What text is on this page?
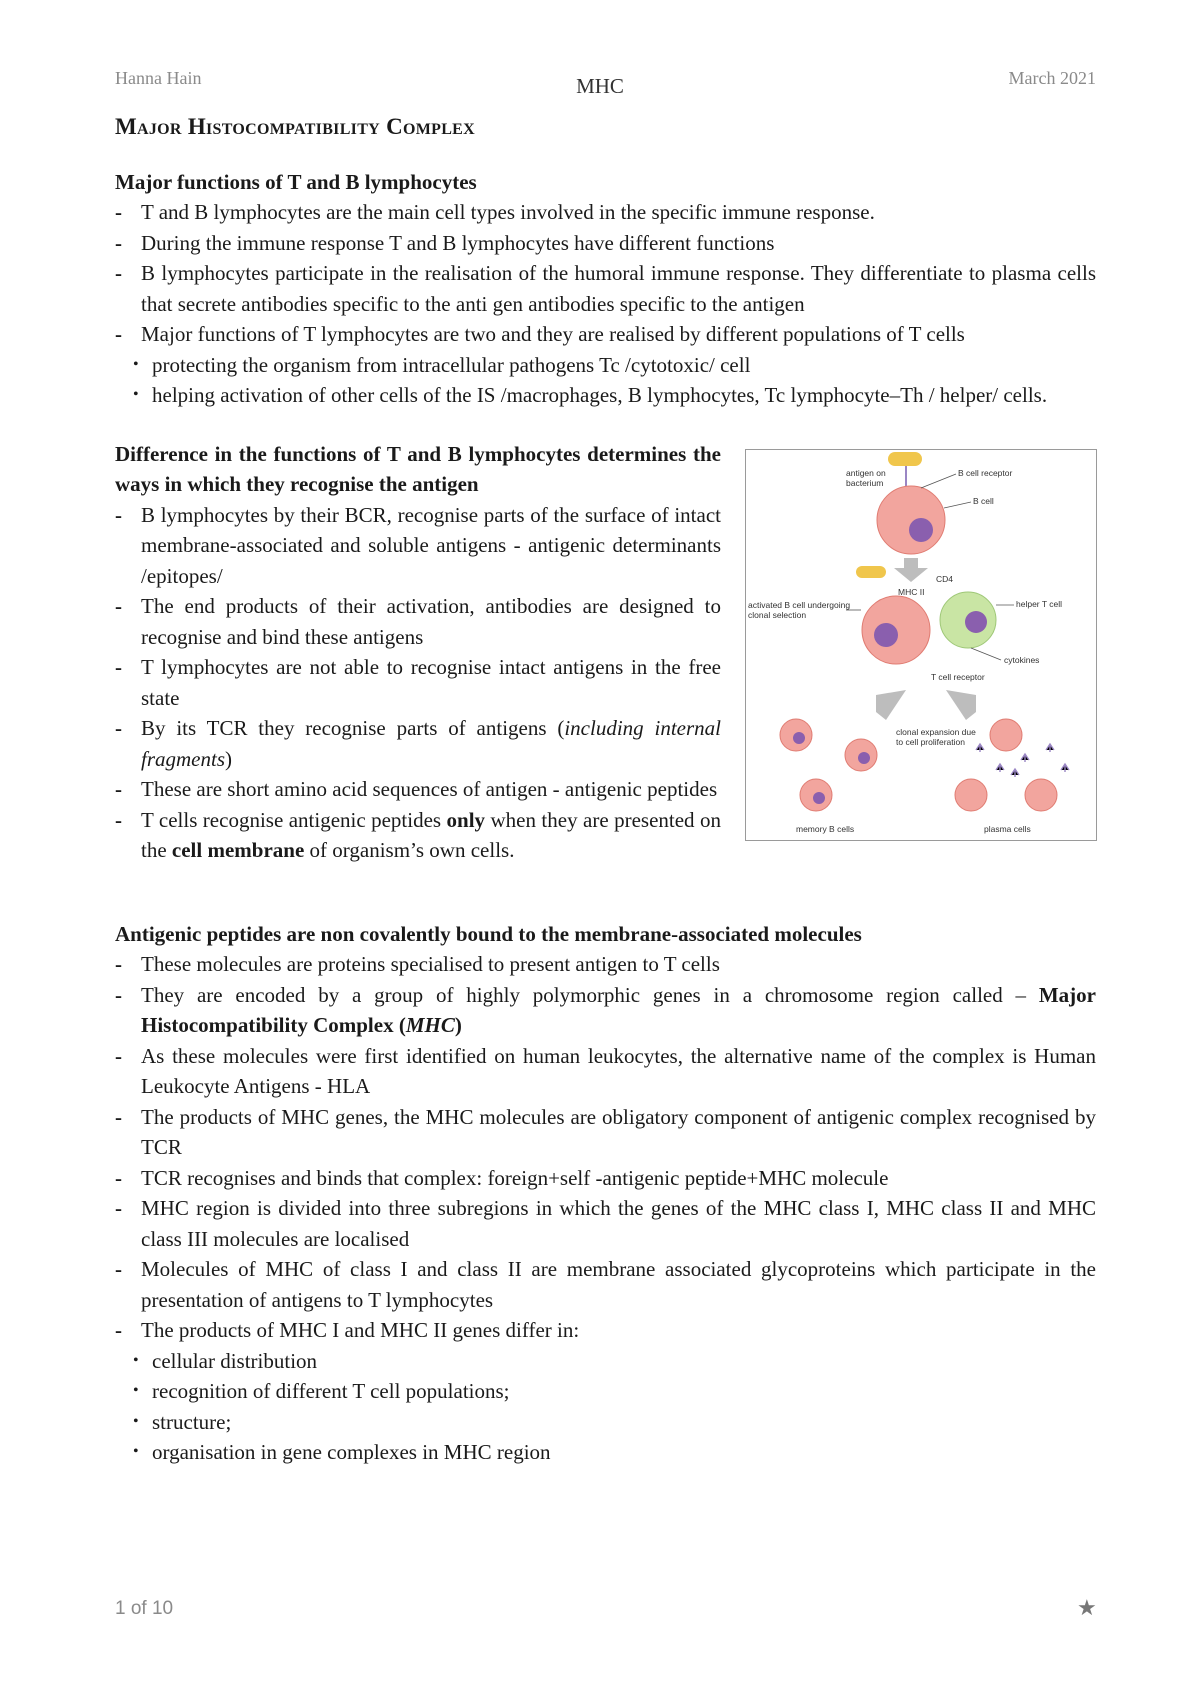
Hanna Hain	MHC	March 2021
Major Histocompatibility Complex

Major functions of T and B lymphocytes

- T and B lymphocytes are the main cell types involved in the specific immune response.
- During the immune response T and B lymphocytes have different functions
- B lymphocytes participate in the realisation of the humoral immune response. They differentiate to plasma cells that secrete antibodies specific to the anti gen antibodies specific to the antigen
- Major functions of T lymphocytes are two and they are realised by different populations of T cells
• protecting the organism from intracellular pathogens Tc /cytotoxic/ cell
• helping activation of other cells of the IS /macrophages, B lymphocytes, Tc lymphocyte–Th / helper/ cells.

Difference in the functions of T and B lymphocytes determines the ways in which they recognise the antigen

- B lymphocytes by their BCR, recognise parts of the surface of intact membrane-associated and soluble antigens - antigenic determinants /epitopes/
- The end products of their activation, antibodies are designed to recognise and bind these antigens
- T lymphocytes are not able to recognise intact antigens in the free state
- By its TCR they recognise parts of antigens (including internal fragments)
- These are short amino acid sequences of antigen - antigenic peptides
- T cells recognise antigenic peptides only when they are presented on the cell membrane of organism’s own cells.
antigen on
bacterium
B cell receptor
B cell
CD4
MHC II
activated B cell undergoing
clonal selection
helper T cell
cytokines
T cell receptor
clonal expansion due
to cell proliferation
memory B cells	plasma cells

Antigenic peptides are non covalently bound to the membrane-associated molecules

- These molecules are proteins specialised to present antigen to T cells
- They are encoded by a group of highly polymorphic genes in a chromosome region called – Major Histocompatibility Complex (MHC)
- As these molecules were first identified on human leukocytes, the alternative name of the complex is Human Leukocyte Antigens - HLA
- The products of MHC genes, the MHC molecules are obligatory component of antigenic complex recognised by TCR
- TCR recognises and binds that complex: foreign+self -antigenic peptide+MHC molecule
- MHC region is divided into three subregions in which the genes of the MHC class I, MHC class II and MHC class III molecules are localised
- Molecules of MHC of class I and class II are membrane associated glycoproteins which participate in the presentation of antigens to T lymphocytes
- The products of MHC I and MHC II genes differ in:
• cellular distribution
• recognition of different T cell populations;
• structure;
• organisation in gene complexes in MHC region
1 of 10	★
